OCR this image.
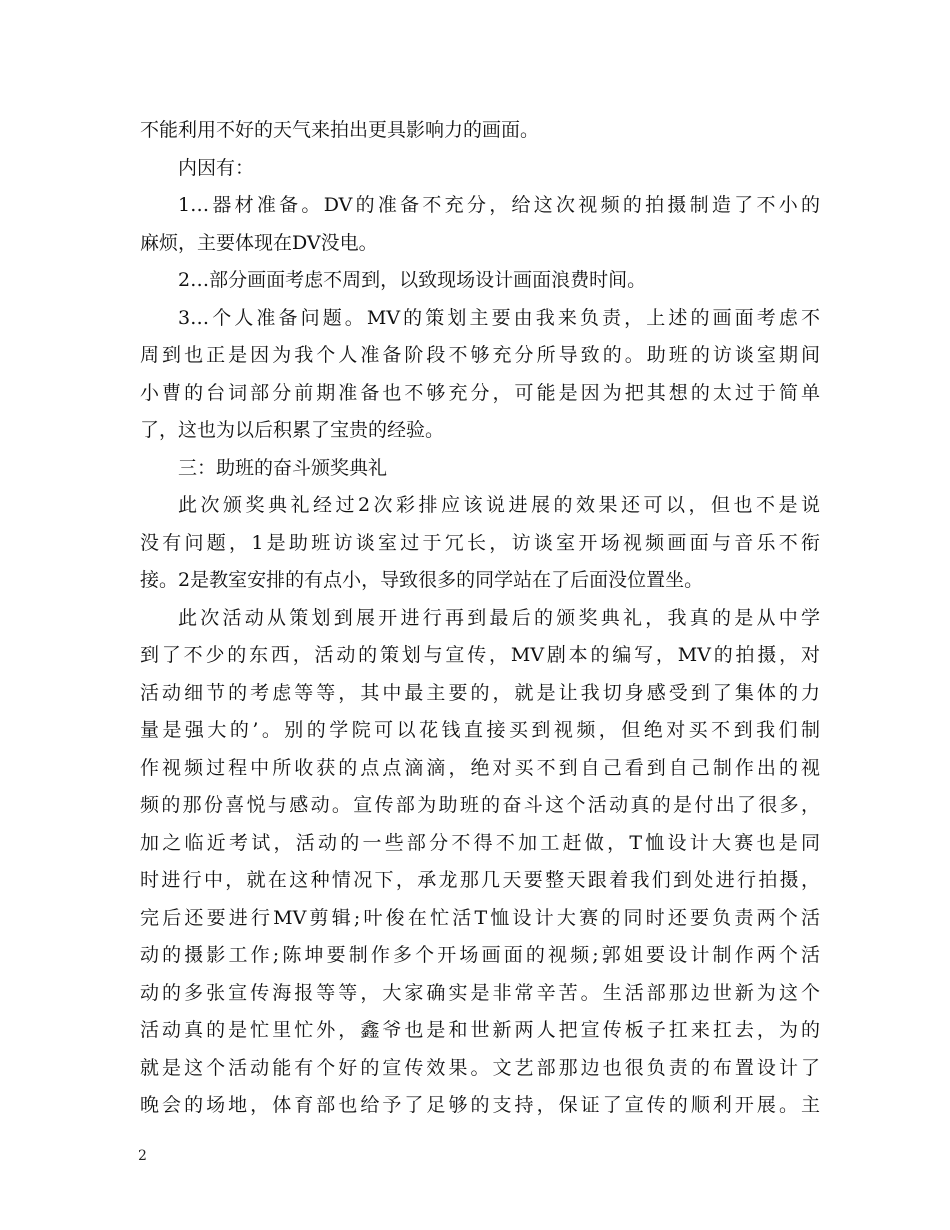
不能利用不好的天气来拍出更具影响力的画面。
内因有：
1…器材准备。DV的准备不充分，给这次视频的拍摄制造了不小的
麻烦，主要体现在DV没电。
2…部分画面考虑不周到，以致现场设计画面浪费时间。
3…个人准备问题。MV的策划主要由我来负责，上述的画面考虑不
周到也正是因为我个人准备阶段不够充分所导致的。助班的访谈室期间
小曹的台词部分前期准备也不够充分，可能是因为把其想的太过于简单
了，这也为以后积累了宝贵的经验。
三：助班的奋斗颁奖典礼
此次颁奖典礼经过2次彩排应该说进展的效果还可以，但也不是说
没有问题，1是助班访谈室过于冗长，访谈室开场视频画面与音乐不衔
接。2是教室安排的有点小，导致很多的同学站在了后面没位置坐。
此次活动从策划到展开进行再到最后的颁奖典礼，我真的是从中学
到了不少的东西，活动的策划与宣传，MV剧本的编写，MV的拍摄，对
活动细节的考虑等等，其中最主要的，就是让我切身感受到了集体的力
量是强大的’。别的学院可以花钱直接买到视频，但绝对买不到我们制
作视频过程中所收获的点点滴滴，绝对买不到自己看到自己制作出的视
频的那份喜悦与感动。宣传部为助班的奋斗这个活动真的是付出了很多，
加之临近考试，活动的一些部分不得不加工赶做，T恤设计大赛也是同
时进行中，就在这种情况下，承龙那几天要整天跟着我们到处进行拍摄，
完后还要进行MV剪辑;叶俊在忙活T恤设计大赛的同时还要负责两个活
动的摄影工作;陈坤要制作多个开场画面的视频;郭姐要设计制作两个活
动的多张宣传海报等等，大家确实是非常辛苦。生活部那边世新为这个
活动真的是忙里忙外，鑫爷也是和世新两人把宣传板子扛来扛去，为的
就是这个活动能有个好的宣传效果。文艺部那边也很负责的布置设计了
晚会的场地，体育部也给予了足够的支持，保证了宣传的顺利开展。主
2
